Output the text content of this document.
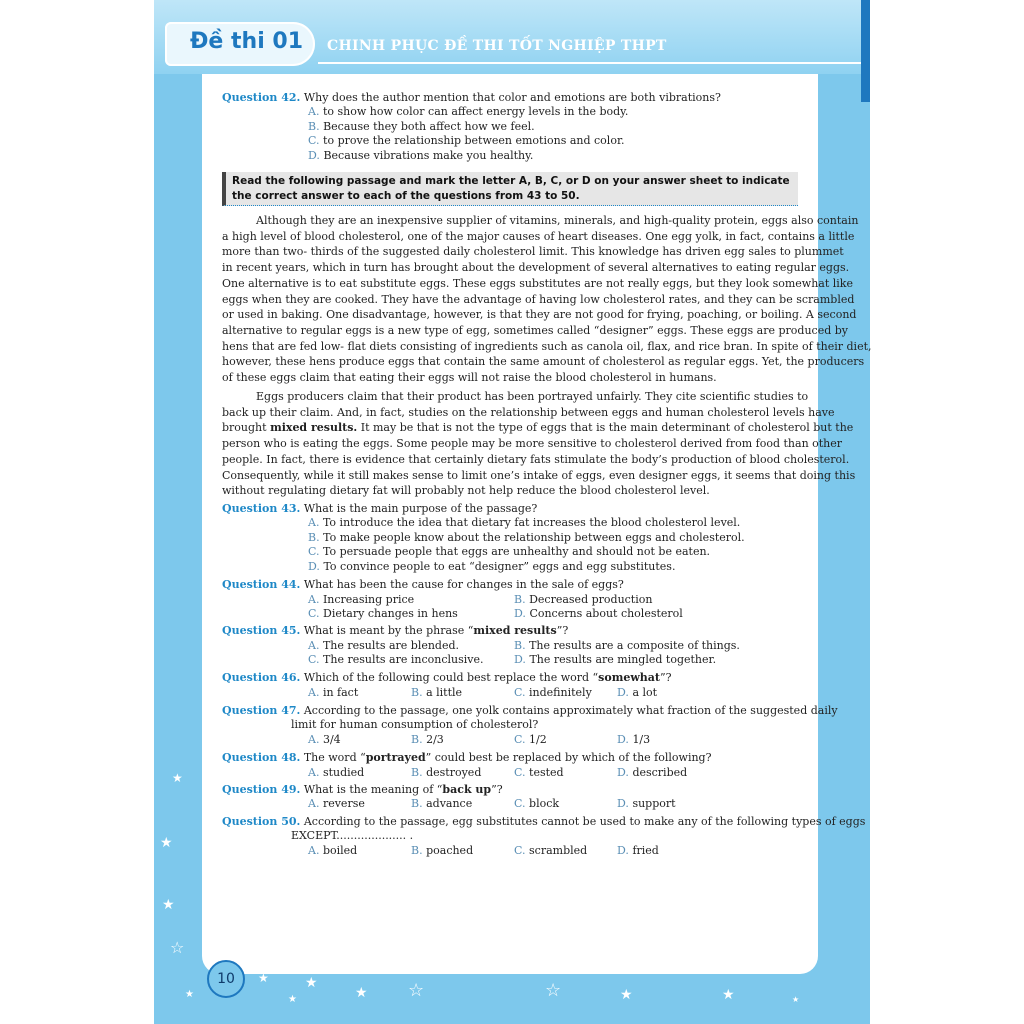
Đề thi 01 CHINH PHỤC ĐỀ THI TỐT NGHIỆP THPT
★
★
★
☆
★
★
★
★
★ ☆	☆	★	★	★
10
Question 42. Why does the author mention that color and emotions are both vibrations?
A. to show how color can affect energy levels in the body.
B. Because they both affect how we feel.
C. to prove the relationship between emotions and color.
D. Because vibrations make you healthy.
Read the following passage and mark the letter A, B, C, or D on your answer sheet to indicate the correct answer to each of the questions from 43 to 50.
Although they are an inexpensive supplier of vitamins, minerals, and high-quality protein, eggs also contain
a high level of blood cholesterol, one of the major causes of heart diseases. One egg yolk, in fact, contains a little
more than two- thirds of the suggested daily cholesterol limit. This knowledge has driven egg sales to plummet
in recent years, which in turn has brought about the development of several alternatives to eating regular eggs.
One alternative is to eat substitute eggs. These eggs substitutes are not really eggs, but they look somewhat like
eggs when they are cooked. They have the advantage of having low cholesterol rates, and they can be scrambled
or used in baking. One disadvantage, however, is that they are not good for frying, poaching, or boiling. A second
alternative to regular eggs is a new type of egg, sometimes called “designer” eggs. These eggs are produced by
hens that are fed low- flat diets consisting of ingredients such as canola oil, flax, and rice bran. In spite of their diet,
however, these hens produce eggs that contain the same amount of cholesterol as regular eggs. Yet, the producers
of these eggs claim that eating their eggs will not raise the blood cholesterol in humans.
Eggs producers claim that their product has been portrayed unfairly. They cite scientific studies to
back up their claim. And, in fact, studies on the relationship between eggs and human cholesterol levels have
brought mixed results. It may be that is not the type of eggs that is the main determinant of cholesterol but the
person who is eating the eggs. Some people may be more sensitive to cholesterol derived from food than other
people. In fact, there is evidence that certainly dietary fats stimulate the body’s production of blood cholesterol.
Consequently, while it still makes sense to limit one’s intake of eggs, even designer eggs, it seems that doing this
without regulating dietary fat will probably not help reduce the blood cholesterol level.
Question 43. What is the main purpose of the passage?
A. To introduce the idea that dietary fat increases the blood cholesterol level.
B. To make people know about the relationship between eggs and cholesterol.
C. To persuade people that eggs are unhealthy and should not be eaten.
D. To convince people to eat “designer” eggs and egg substitutes.
Question 44. What has been the cause for changes in the sale of eggs?
A. Increasing price	B. Decreased production
C. Dietary changes in hens	D. Concerns about cholesterol
Question 45. What is meant by the phrase “mixed results”?
A. The results are blended.	B. The results are a composite of things.
C. The results are inconclusive.	D. The results are mingled together.
Question 46. Which of the following could best replace the word “somewhat”?
A. in fact	B. a little	C. indefinitely D. a lot
Question 47. According to the passage, one yolk contains approximately what fraction of the suggested daily
limit for human consumption of cholesterol?
A. 3/4	B. 2/3	C. 1/2	D. 1/3
Question 48. The word “portrayed” could best be replaced by which of the following?
A. studied	B. destroyed	C. tested	D. described
Question 49. What is the meaning of “back up”?
A. reverse	B. advance	C. block	D. support
Question 50. According to the passage, egg substitutes cannot be used to make any of the following types of eggs
EXCEPT.................... .
A. boiled	B. poached	C. scrambled	D. fried
